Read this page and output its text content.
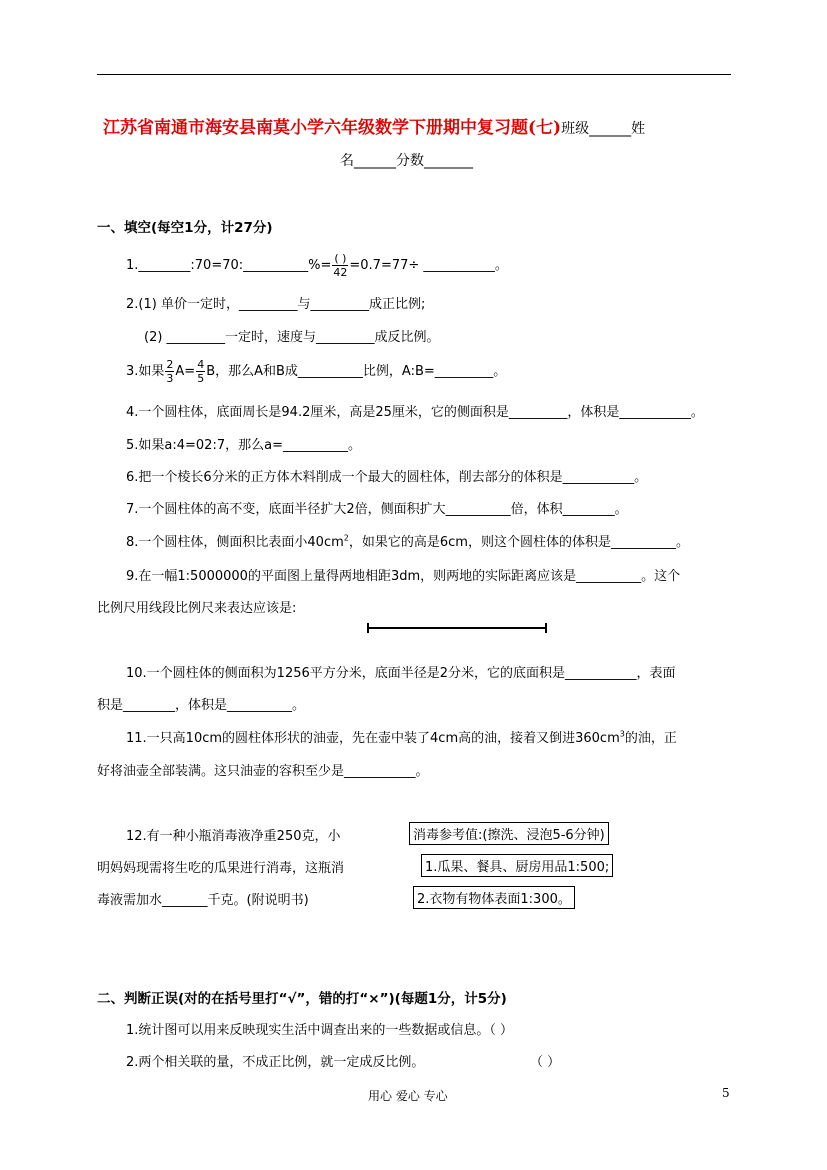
江苏省南通市海安县南莫小学六年级数学下册期中复习题(七)班级______姓
名______分数_______
一、填空(每空1分，计27分)
1.________:70=70:__________%= $\frac{( )}{42} =0.7=77\div$ ___________。
2.(1) 单价一定时，_________与_________成正比例;
(2) _________一定时，速度与_________成反比例。
3.如果 $\frac{2}{3} A= \frac{4}{5}$ B，那么A和B成__________比例，A:B=_________。
4.一个圆柱体，底面周长是94.2厘米，高是25厘米，它的侧面积是_________，体积是___________。
5.如果a:4=02:7，那么a=__________。
6.把一个棱长6分米的正方体木料削成一个最大的圆柱体，削去部分的体积是___________。
7.一个圆柱体的高不变，底面半径扩大2倍，侧面积扩大__________倍，体积________。
8.一个圆柱体，侧面积比表面小$40cm^2$，如果它的高是6cm，则这个圆柱体的体积是__________。
9.在一幅1:5000000的平面图上量得两地相距3dm，则两地的实际距离应该是__________。这个
比例尺用线段比例尺来表达应该是:
10.一个圆柱体的侧面积为1256平方分米，底面半径是2分米，它的底面积是___________，表面
积是________，体积是__________。
11.一只高10cm的圆柱体形状的油壶，先在壶中装了4cm高的油，接着又倒进$360cm^3$的油，正
好将油壶全部装满。这只油壶的容积至少是___________。
12.有一种小瓶消毒液净重250克，小
明妈妈现需将生吃的瓜果进行消毒，这瓶消
毒液需加水_______千克。(附说明书)
消毒参考值:(擦洗、浸泡5-6分钟)
1.瓜果、餐具、厨房用品1:500;
2.衣物有物体表面1:300。
二、判断正误(对的在括号里打“√”，错的打“×”)(每题1分，计5分)
1.统计图可以用来反映现实生活中调查出来的一些数据或信息。（ ）
2.两个相关联的量，不成正比例，就一定成反比例。	（ ）
用心 爱心 专心	5
